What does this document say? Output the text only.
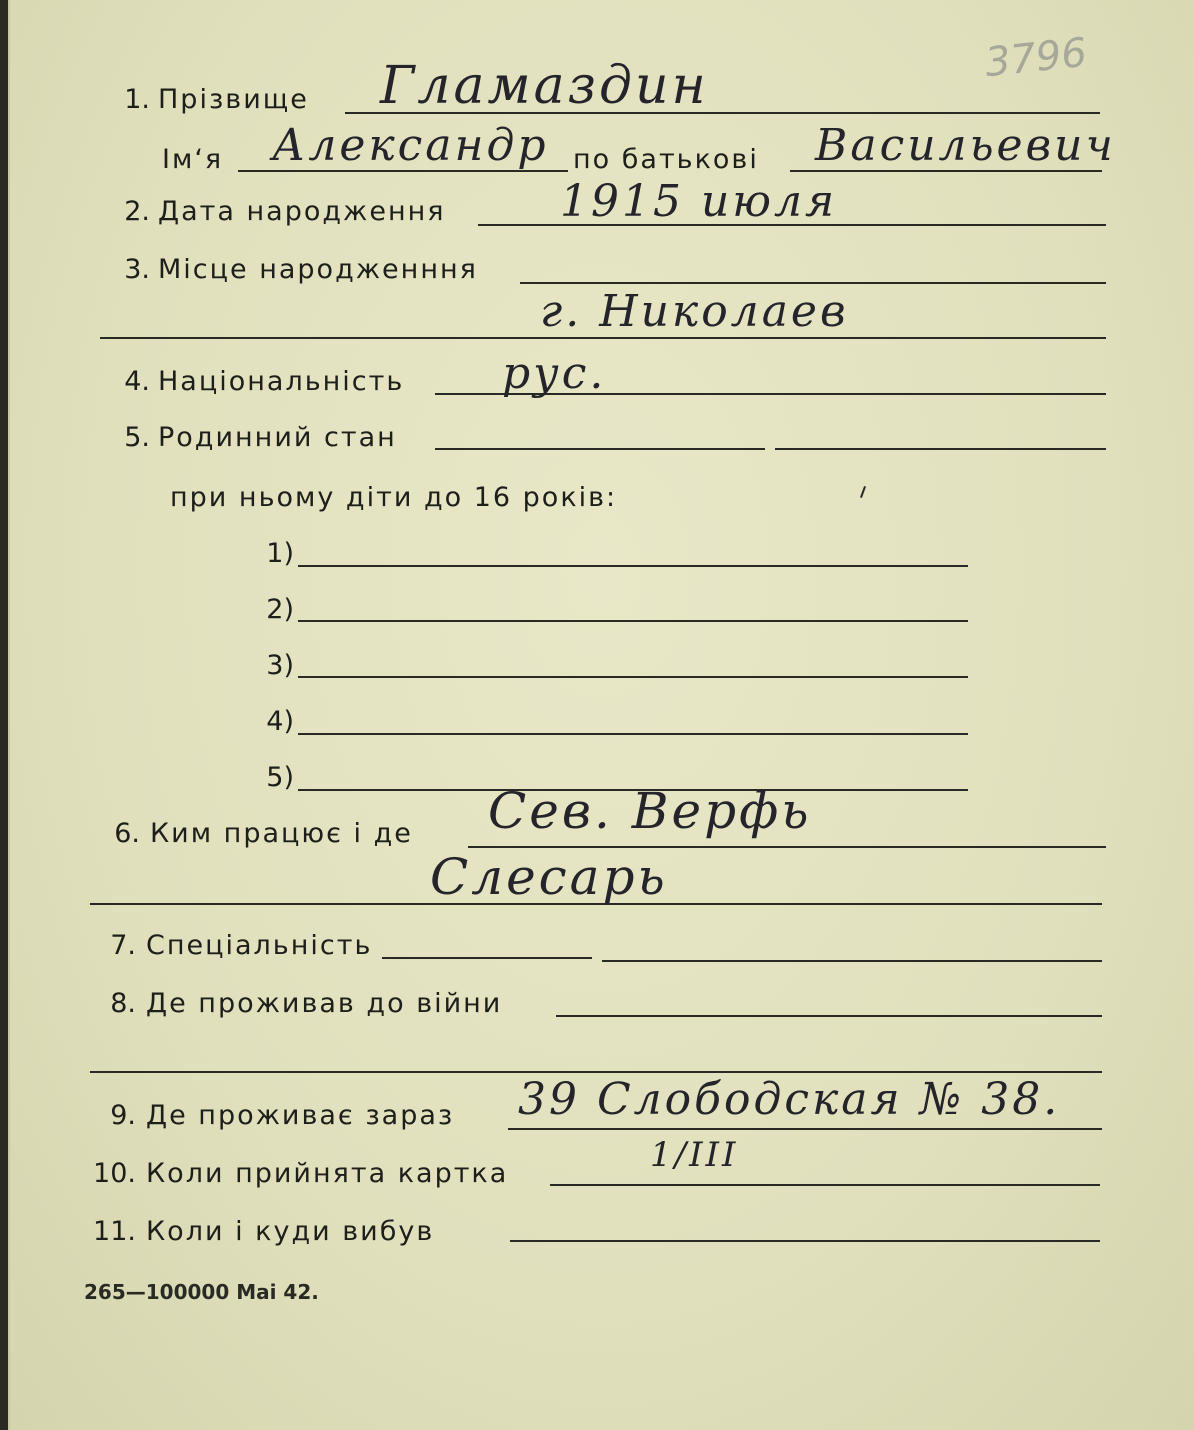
3796
1. Прізвище Гламаздин
Ім‘я Александр по батькові Васильевич
2. Дата народження	1915 июля
3. Місце народженння
г. Николаев
4. Національність рус.
5. Родинний стан
при ньому діти до 16 років:
1)
2)
3)
4)
5)
6. Ким працює і де Сев. Верфь
Слесарь
7. Спеціальність
8. Де проживав до війни
9. Де проживає зараз 39 Слободская № 38.
10. Коли прийнята картка	1/III
11. Коли і куди вибув
265—100000 Mai 42.
